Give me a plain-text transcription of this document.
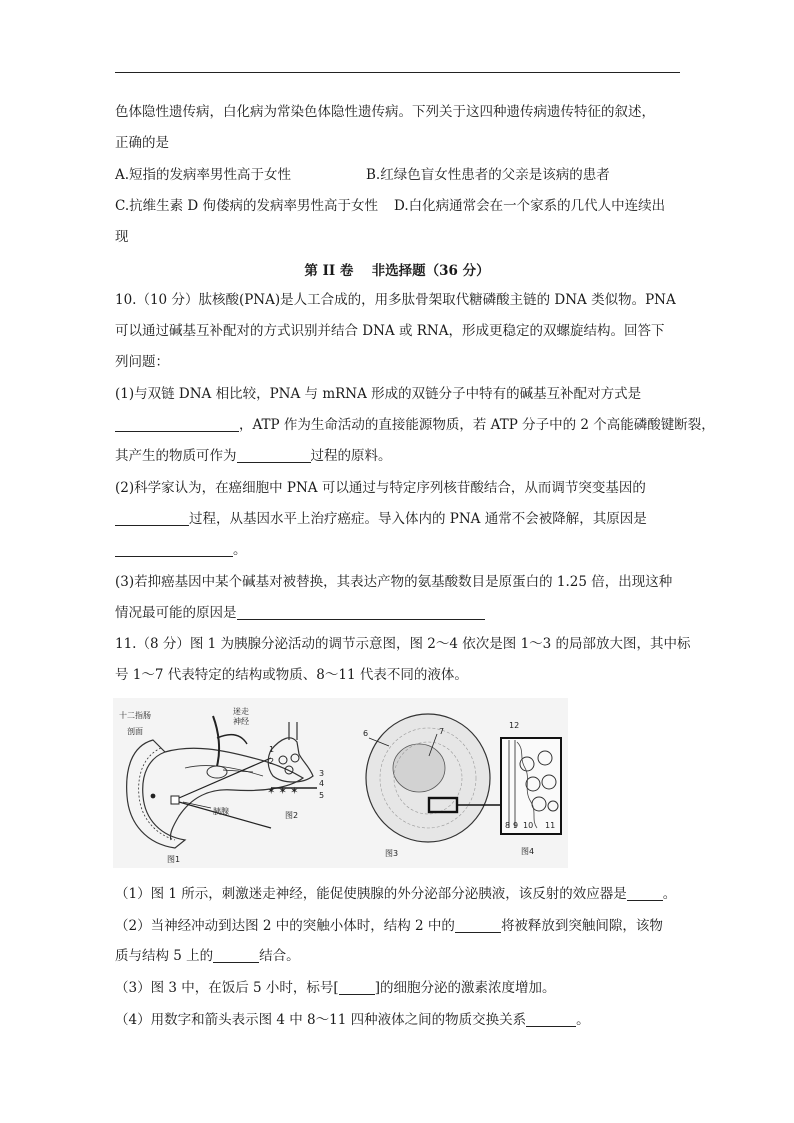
色体隐性遗传病，白化病为常染色体隐性遗传病。下列关于这四种遗传病遗传特征的叙述，
正确的是
A.短指的发病率男性高于女性	B.红绿色盲女性患者的父亲是该病的患者
C.抗维生素 D 佝偻病的发病率男性高于女性 D.白化病通常会在一个家系的几代人中连续出
现
第 II 卷　 非选择题（36 分）
10.（10 分）肽核酸(PNA)是人工合成的，用多肽骨架取代糖磷酸主链的 DNA 类似物。PNA
可以通过碱基互补配对的方式识别并结合 DNA 或 RNA，形成更稳定的双螺旋结构。回答下
列问题：
(1)与双链 DNA 相比较，PNA 与 mRNA 形成的双链分子中特有的碱基互补配对方式是
，ATP 作为生命活动的直接能源物质，若 ATP 分子中的 2 个高能磷酸键断裂，
其产生的物质可作为	过程的原料。
(2)科学家认为，在癌细胞中 PNA 可以通过与特定序列核苷酸结合，从而调节突变基因的
过程，从基因水平上治疗癌症。导入体内的 PNA 通常不会被降解，其原因是
。
(3)若抑癌基因中某个碱基对被替换，其表达产物的氨基酸数目是原蛋白的 1.25 倍，出现这种
情况最可能的原因是
11.（8 分）图 1 为胰腺分泌活动的调节示意图，图 2～4 依次是图 1～3 的局部放大图，其中标
号 1～7 代表特定的结构或物质、8～11 代表不同的液体。
十二指肠
剖面
迷走
神经
胰腺
图1
✶ ✶ ✶
1
2
3
4
5
图2
6	7
图3
12
8 9 10 11
图4
（1）图 1 所示，刺激迷走神经，能促使胰腺的外分泌部分泌胰液，该反射的效应器是	。
（2）当神经冲动到达图 2 中的突触小体时，结构 2 中的	将被释放到突触间隙，该物
质与结构 5 上的	结合。
（3）图 3 中，在饭后 5 小时，标号[	]的细胞分泌的激素浓度增加。
（4）用数字和箭头表示图 4 中 8～11 四种液体之间的物质交换关系	。
